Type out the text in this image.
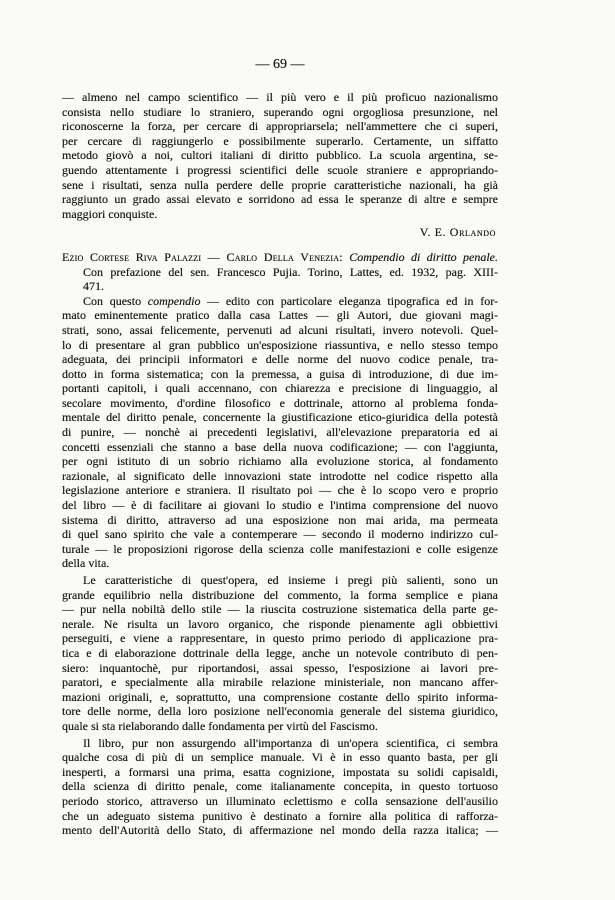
— 69 —
— almeno nel campo scientifico — il più vero e il più proficuo nazionalismo
consista nello studiare lo straniero, superando ogni orgogliosa presunzione, nel
riconoscerne la forza, per cercare di appropriarsela; nell'ammettere che ci superi,
per cercare di raggiungerlo e possibilmente superarlo. Certamente, un siffatto
metodo giovò a noi, cultori italiani di diritto pubblico. La scuola argentina, se-
guendo attentamente i progressi scientifici delle scuole straniere e appropriando-
sene i risultati, senza nulla perdere delle proprie caratteristiche nazionali, ha già
raggiunto un grado assai elevato e sorridono ad essa le speranze di altre e sempre
maggiori conquiste.
V. E. Orlando
Ezio Cortese Riva Palazzi — Carlo Della Venezia: Compendio di diritto penale.
Con prefazione del sen. Francesco Pujia. Torino, Lattes, ed. 1932, pag. XIII-
471.
Con questo compendio — edito con particolare eleganza tipografica ed in for-
mato eminentemente pratico dalla casa Lattes — gli Autori, due giovani magi-
strati, sono, assai felicemente, pervenuti ad alcuni risultati, invero notevoli. Quel-
lo di presentare al gran pubblico un'esposizione riassuntiva, e nello stesso tempo
adeguata, dei principii informatori e delle norme del nuovo codice penale, tra-
dotto in forma sistematica; con la premessa, a guisa di introduzione, di due im-
portanti capitoli, i quali accennano, con chiarezza e precisione di linguaggio, al
secolare movimento, d'ordine filosofico e dottrinale, attorno al problema fonda-
mentale del diritto penale, concernente la giustificazione etico-giuridica della potestà
di punire, — nonchè ai precedenti legislativi, all'elevazione preparatoria ed ai
concetti essenziali che stanno a base della nuova codificazione; — con l'aggiunta,
per ogni istituto di un sobrio richiamo alla evoluzione storica, al fondamento
razionale, al significato delle innovazioni state introdotte nel codice rispetto alla
legislazione anteriore e straniera. Il risultato poi — che è lo scopo vero e proprio
del libro — è di facilitare ai giovani lo studio e l'intima comprensione del nuovo
sistema di diritto, attraverso ad una esposizione non mai arida, ma permeata
di quel sano spirito che vale a contemperare — secondo il moderno indirizzo cul-
turale — le proposizioni rigorose della scienza colle manifestazioni e colle esigenze
della vita.
Le caratteristiche di quest'opera, ed insieme i pregi più salienti, sono un
grande equilibrio nella distribuzione del commento, la forma semplice e piana
— pur nella nobiltà dello stile — la riuscita costruzione sistematica della parte ge-
nerale. Ne risulta un lavoro organico, che risponde pienamente agli obbiettivi
perseguiti, e viene a rappresentare, in questo primo periodo di applicazione pra-
tica e di elaborazione dottrinale della legge, anche un notevole contributo di pen-
siero: inquantochè, pur riportandosi, assai spesso, l'esposizione ai lavori pre-
paratori, e specialmente alla mirabile relazione ministeriale, non mancano affer-
mazioni originali, e, soprattutto, una comprensione costante dello spirito informa-
tore delle norme, della loro posizione nell'economia generale del sistema giuridico,
quale si sta rielaborando dalle fondamenta per virtù del Fascismo.
Il libro, pur non assurgendo all'importanza di un'opera scientifica, ci sembra
qualche cosa di più di un semplice manuale. Vi è in esso quanto basta, per gli
inesperti, a formarsi una prima, esatta cognizione, impostata su solidi capisaldi,
della scienza di diritto penale, come italianamente concepita, in questo tortuoso
periodo storico, attraverso un illuminato eclettismo e colla sensazione dell'ausilio
che un adeguato sistema punitivo è destinato a fornire alla politica di rafforza-
mento dell'Autorità dello Stato, di affermazione nel mondo della razza italica; —
